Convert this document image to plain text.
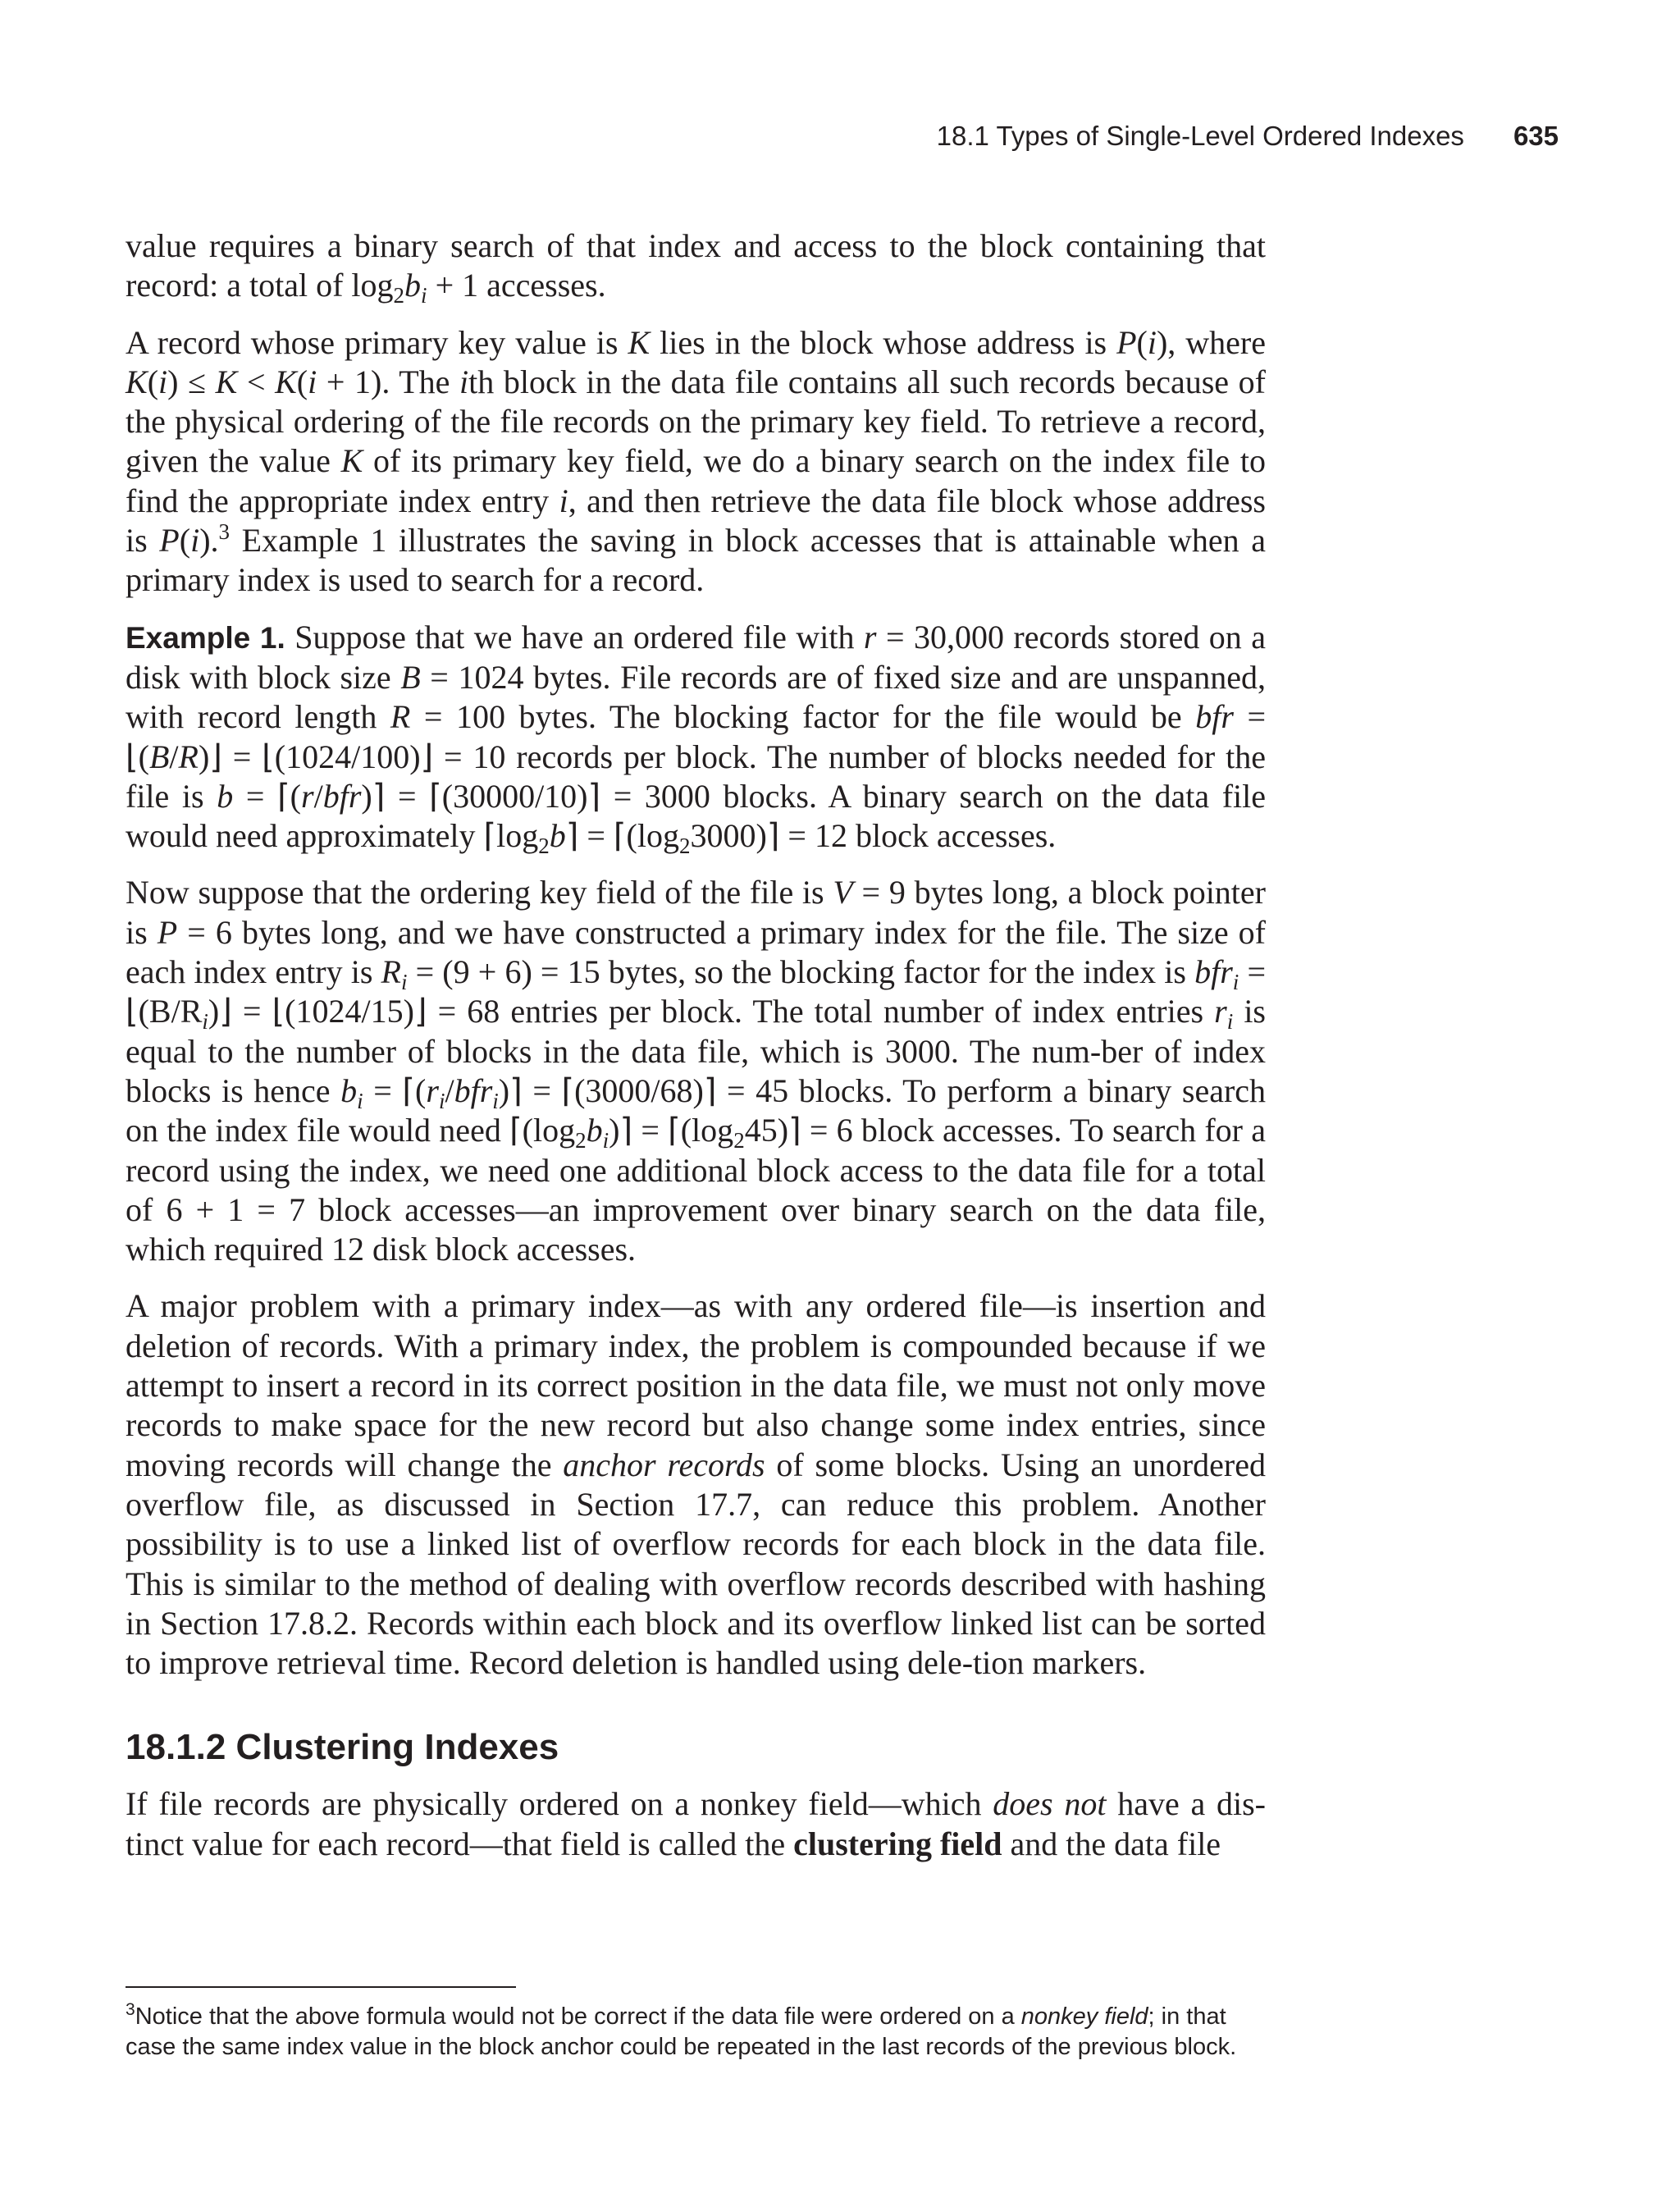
18.1 Types of Single-Level Ordered Indexes 635

value requires a binary search of that index and access to the block containing that record: a total of $\log_2b_i + 1$ accesses.

A record whose primary key value is K lies in the block whose address is P(i), where K(i) ≤ K < K(i + 1). The ith block in the data file contains all such records because of the physical ordering of the file records on the primary key field. To retrieve a record, given the value K of its primary key field, we do a binary search on the index file to find the appropriate index entry i, and then retrieve the data file block whose address is P(i).$^3$ Example 1 illustrates the saving in block accesses that is attainable when a primary index is used to search for a record.

Example 1. Suppose that we have an ordered file with r = 30,000 records stored on a disk with block size B = 1024 bytes. File records are of fixed size and are unspanned, with record length R = 100 bytes. The blocking factor for the file would be bfr = ⌊(B/R)⌋ = ⌊(1024/100)⌋ = 10 records per block. The number of blocks needed for the file is b = ⌈(r/bfr)⌉ = ⌈(30000/10)⌉ = 3000 blocks. A binary search on the data file would need approximately $⌈\log_2b⌉$ = $⌈(\log_23000)⌉ = 12$ block accesses.

Now suppose that the ordering key field of the file is V = 9 bytes long, a block pointer is P = 6 bytes long, and we have constructed a primary index for the file. The size of each index entry is $R_i = (9 + 6) = 15$ bytes, so the blocking factor for the index is $bfr_i = ⌊(B/R_i)⌋$ = ⌊(1024/15)⌋ = 68 entries per block. The total number of index entries $r_i$ is equal to the number of blocks in the data file, which is 3000. The num-ber of index blocks is hence $b_i$ = $⌈(r_i/bfr_i)⌉$ = ⌈(3000/68)⌉ = 45 blocks. To perform a binary search on the index file would need $⌈(\log_2b_i)⌉$ = $⌈(\log_245)⌉ = 6$ block accesses. To search for a record using the index, we need one additional block access to the data file for a total of 6 + 1 = 7 block accesses—an improvement over binary search on the data file, which required 12 disk block accesses.

A major problem with a primary index—as with any ordered file—is insertion and deletion of records. With a primary index, the problem is compounded because if we attempt to insert a record in its correct position in the data file, we must not only move records to make space for the new record but also change some index entries, since moving records will change the anchor records of some blocks. Using an unordered overflow file, as discussed in Section 17.7, can reduce this problem. Another possibility is to use a linked list of overflow records for each block in the data file. This is similar to the method of dealing with overflow records described with hashing in Section 17.8.2. Records within each block and its overflow linked list can be sorted to improve retrieval time. Record deletion is handled using dele-tion markers.

18.1.2 Clustering Indexes

If file records are physically ordered on a nonkey field—which does not have a dis-tinct value for each record—that field is called the clustering field and the data file

$^3$Notice that the above formula would not be correct if the data file were ordered on a nonkey field; in that case the same index value in the block anchor could be repeated in the last records of the previous block.
